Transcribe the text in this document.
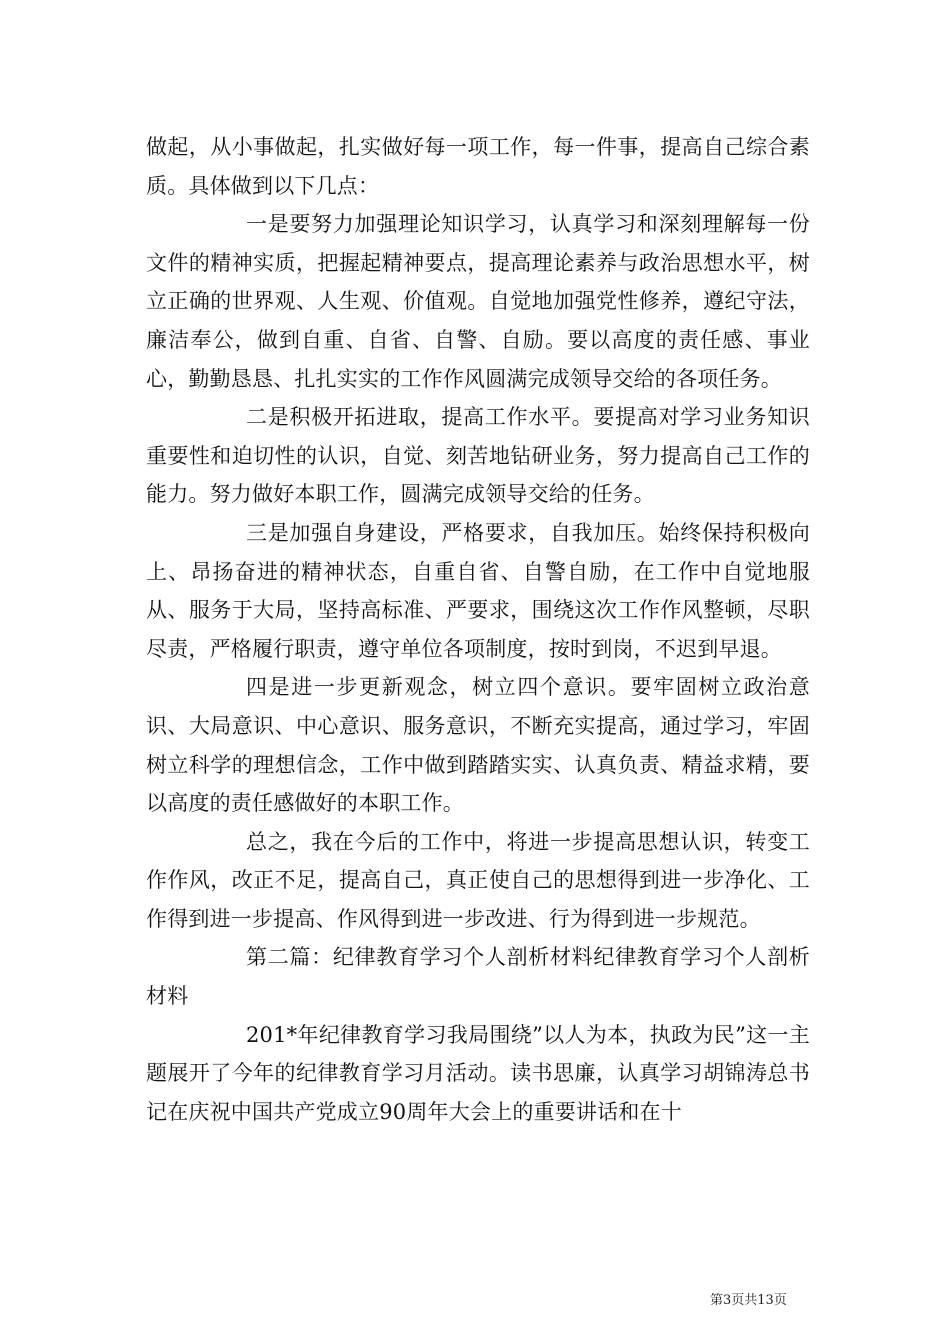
做起，从小事做起，扎实做好每一项工作，每一件事，提高自己综合素质。具体做到以下几点：

一是要努力加强理论知识学习，认真学习和深刻理解每一份文件的精神实质，把握起精神要点，提高理论素养与政治思想水平，树立正确的世界观、人生观、价值观。自觉地加强党性修养，遵纪守法，廉洁奉公，做到自重、自省、自警、自励。要以高度的责任感、事业心，勤勤恳恳、扎扎实实的工作作风圆满完成领导交给的各项任务。

二是积极开拓进取，提高工作水平。要提高对学习业务知识重要性和迫切性的认识，自觉、刻苦地钻研业务，努力提高自己工作的能力。努力做好本职工作，圆满完成领导交给的任务。

三是加强自身建设，严格要求，自我加压。始终保持积极向上、昂扬奋进的精神状态，自重自省、自警自励，在工作中自觉地服从、服务于大局，坚持高标准、严要求，围绕这次工作作风整顿，尽职尽责，严格履行职责，遵守单位各项制度，按时到岗，不迟到早退。

四是进一步更新观念，树立四个意识。要牢固树立政治意识、大局意识、中心意识、服务意识，不断充实提高，通过学习，牢固树立科学的理想信念，工作中做到踏踏实实、认真负责、精益求精，要以高度的责任感做好的本职工作。

总之，我在今后的工作中，将进一步提高思想认识，转变工作作风，改正不足，提高自己，真正使自己的思想得到进一步净化、工作得到进一步提高、作风得到进一步改进、行为得到进一步规范。

第二篇：纪律教育学习个人剖析材料纪律教育学习个人剖析材料

201*年纪律教育学习我局围绕”以人为本，执政为民”这一主题展开了今年的纪律教育学习月活动。读书思廉，认真学习胡锦涛总书记在庆祝中国共产党成立90周年大会上的重要讲话和在十

第3页共13页
